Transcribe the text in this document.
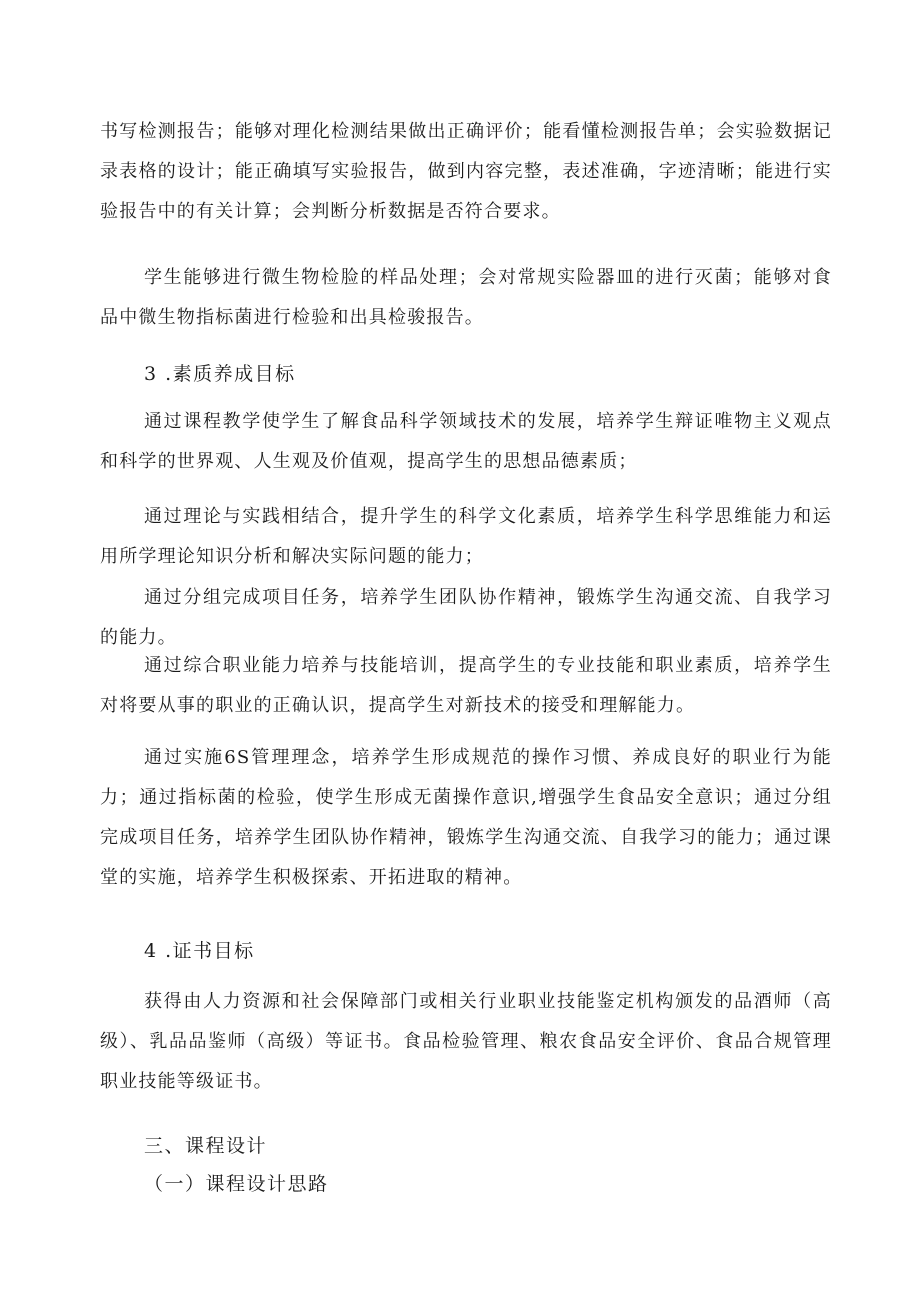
书写检测报告；能够对理化检测结果做出正确评价；能看懂检测报告单；会实验数据记录表格的设计；能正确填写实验报告，做到内容完整，表述准确，字迹清晰；能进行实验报告中的有关计算；会判断分析数据是否符合要求。

学生能够进行微生物检脸的样品处理；会对常规实险器皿的进行灭菌；能够对食品中微生物指标菌进行检验和出具检骏报告。

3 .素质养成目标

通过课程教学使学生了解食品科学领域技术的发展，培养学生辩证唯物主义观点和科学的世界观、人生观及价值观，提高学生的思想品德素质；

通过理论与实践相结合，提升学生的科学文化素质，培养学生科学思维能力和运用所学理论知识分析和解决实际问题的能力；

通过分组完成项目任务，培养学生团队协作精神，锻炼学生沟通交流、自我学习的能力。

通过综合职业能力培养与技能培训，提高学生的专业技能和职业素质，培养学生对将要从事的职业的正确认识，提高学生对新技术的接受和理解能力。

通过实施6S管理理念，培养学生形成规范的操作习惯、养成良好的职业行为能力；通过指标菌的检验，使学生形成无菌操作意识,增强学生食品安全意识；通过分组完成项目任务，培养学生团队协作精神，锻炼学生沟通交流、自我学习的能力；通过课堂的实施，培养学生积极探索、开拓进取的精神。

4 .证书目标

获得由人力资源和社会保障部门或相关行业职业技能鉴定机构颁发的品酒师（高级）、乳品品鉴师（高级）等证书。食品检验管理、粮农食品安全评价、食品合规管理职业技能等级证书。

三、课程设计

（一）课程设计思路
